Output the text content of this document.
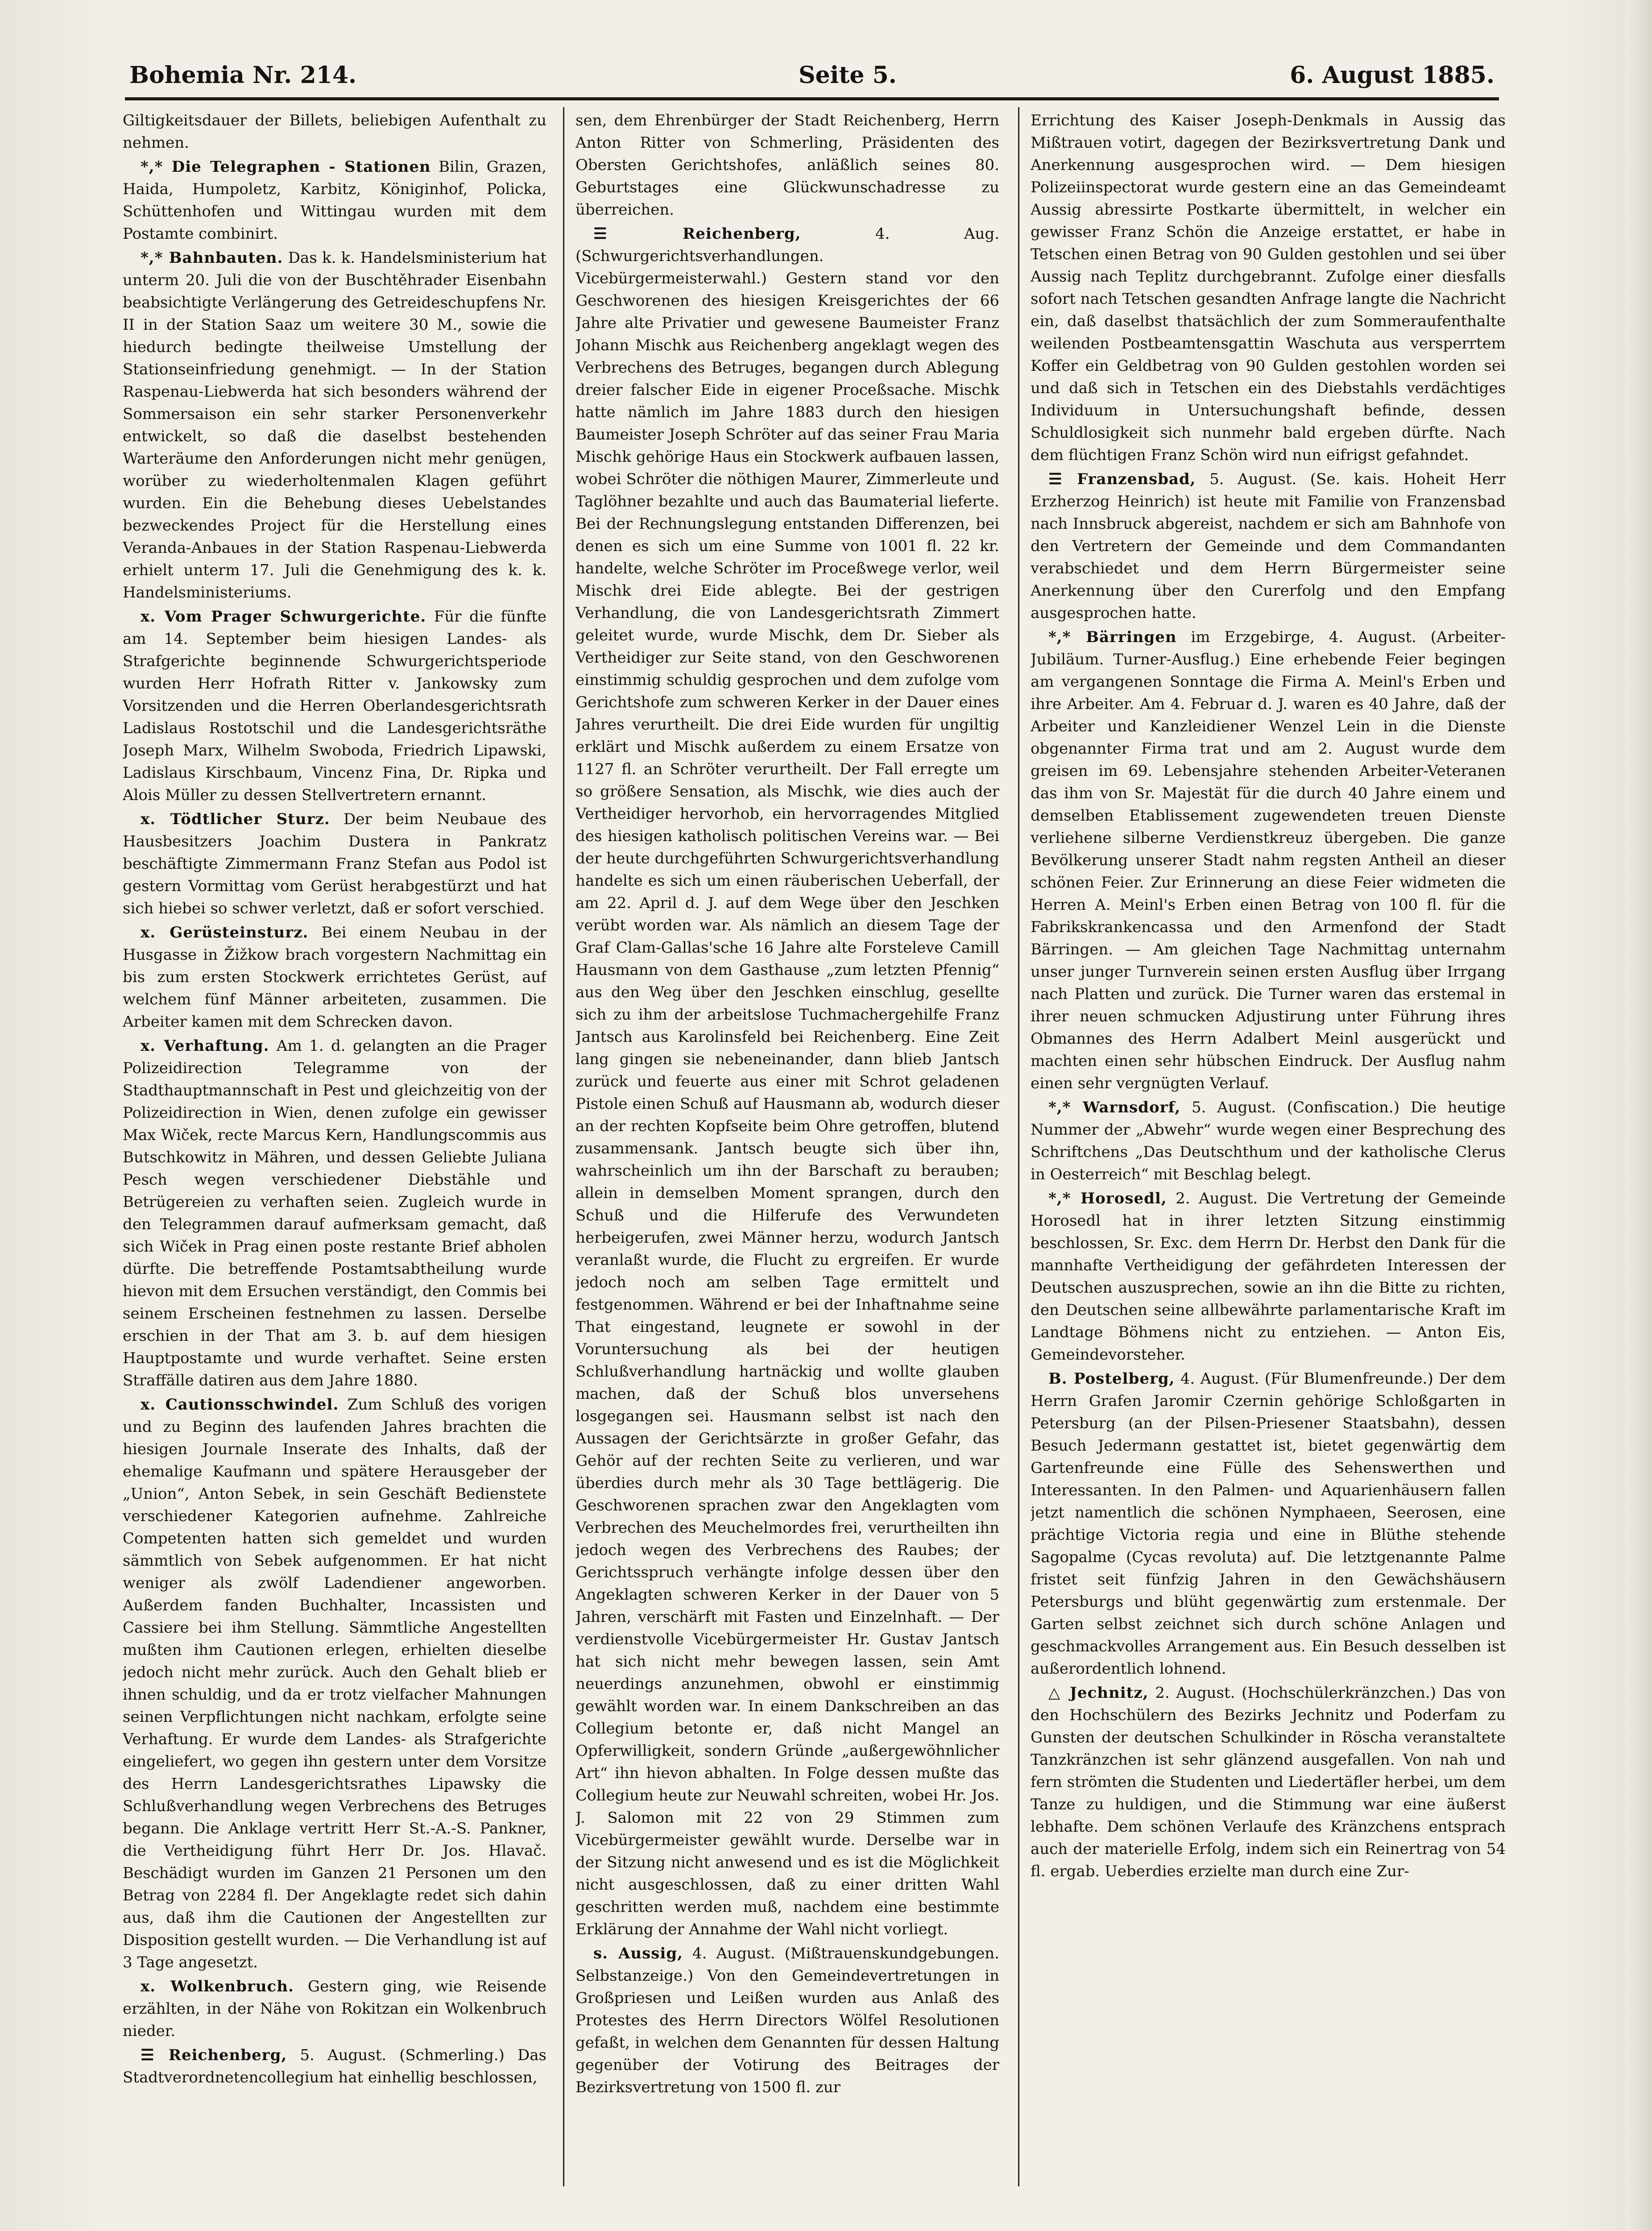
Bohemia Nr. 214.	Seite 5.	6. August 1885.

Giltigkeitsdauer der Billets, beliebigen Aufenthalt zu nehmen.

*,* Die Telegraphen - Stationen Bilin, Grazen, Haida, Humpoletz, Karbitz, Königinhof, Policka, Schüttenhofen und Wittingau wurden mit dem Postamte combinirt.

*,* Bahnbauten. Das k. k. Handelsministerium hat unterm 20. Juli die von der Buschtěhrader Eisenbahn beabsichtigte Verlängerung des Getreideschupfens Nr. II in der Station Saaz um weitere 30 M., sowie die hiedurch bedingte theilweise Umstellung der Stationseinfriedung genehmigt. — In der Station Raspenau-Liebwerda hat sich besonders während der Sommersaison ein sehr starker Personenverkehr entwickelt, so daß die daselbst bestehenden Warteräume den Anforderungen nicht mehr genügen, worüber zu wiederholtenmalen Klagen geführt wurden. Ein die Behebung dieses Uebelstandes bezweckendes Project für die Herstellung eines Veranda-Anbaues in der Station Raspenau-Liebwerda erhielt unterm 17. Juli die Genehmigung des k. k. Handelsministeriums.

x. Vom Prager Schwurgerichte. Für die fünfte am 14. September beim hiesigen Landes- als Strafgerichte beginnende Schwurgerichtsperiode wurden Herr Hofrath Ritter v. Jankowsky zum Vorsitzenden und die Herren Oberlandesgerichtsrath Ladislaus Rostotschil und die Landesgerichtsräthe Joseph Marx, Wilhelm Swoboda, Friedrich Lipawski, Ladislaus Kirschbaum, Vincenz Fina, Dr. Ripka und Alois Müller zu dessen Stellvertretern ernannt.

x. Tödtlicher Sturz. Der beim Neubaue des Hausbesitzers Joachim Dusterа in Pankratz beschäftigte Zimmermann Franz Stefan aus Podol ist gestern Vormittag vom Gerüst herabgestürzt und hat sich hiebei so schwer verletzt, daß er sofort verschied.

x. Gerüsteinsturz. Bei einem Neubau in der Husgasse in Žižkow brach vorgestern Nachmittag ein bis zum ersten Stockwerk errichtetes Gerüst, auf welchem fünf Männer arbeiteten, zusammen. Die Arbeiter kamen mit dem Schrecken davon.

x. Verhaftung. Am 1. d. gelangten an die Prager Polizeidirection Telegramme von der Stadthauptmannschaft in Pest und gleichzeitig von der Polizeidirection in Wien, denen zufolge ein gewisser Max Wiček, recte Marcus Kern, Handlungscommis aus Butschkowitz in Mähren, und dessen Geliebte Juliana Pesch wegen verschiedener Diebstähle und Betrügereien zu verhaften seien. Zugleich wurde in den Telegrammen darauf aufmerksam gemacht, daß sich Wiček in Prag einen poste restante Brief abholen dürfte. Die betreffende Postamtsabtheilung wurde hievon mit dem Ersuchen verständigt, den Commis bei seinem Erscheinen festnehmen zu lassen. Derselbe erschien in der That am 3. b. auf dem hiesigen Hauptpostamte und wurde verhaftet. Seine ersten Straffälle datiren aus dem Jahre 1880.

x. Cautionsschwindel. Zum Schluß des vorigen und zu Beginn des laufenden Jahres brachten die hiesigen Journale Inserate des Inhalts, daß der ehemalige Kaufmann und spätere Herausgeber der „Union“, Anton Sebek, in sein Geschäft Bedienstete verschiedener Kategorien aufnehme. Zahlreiche Competenten hatten sich gemeldet und wurden sämmtlich von Sebek aufgenommen. Er hat nicht weniger als zwölf Ladendiener angeworben. Außerdem fanden Buchhalter, Incassisten und Cassiere bei ihm Stellung. Sämmtliche Angestellten mußten ihm Cautionen erlegen, erhielten dieselbe jedoch nicht mehr zurück. Auch den Gehalt blieb er ihnen schuldig, und da er trotz vielfacher Mahnungen seinen Verpflichtungen nicht nachkam, erfolgte seine Verhaftung. Er wurde dem Landes- als Strafgerichte eingeliefert, wo gegen ihn gestern unter dem Vorsitze des Herrn Landesgerichtsrathes Lipawsky die Schlußverhandlung wegen Verbrechens des Betruges begann. Die Anklage vertritt Herr St.-A.-S. Pankner, die Vertheidigung führt Herr Dr. Jos. Hlavač. Beschädigt wurden im Ganzen 21 Personen um den Betrag von 2284 fl. Der Angeklagte redet sich dahin aus, daß ihm die Cautionen der Angestellten zur Disposition gestellt wurden. — Die Verhandlung ist auf 3 Tage angesetzt.

x. Wolkenbruch. Gestern ging, wie Reisende erzählten, in der Nähe von Rokitzan ein Wolkenbruch nieder.

☰ Reichenberg, 5. August. (Schmerling.) Das Stadtverordnetencollegium hat einhellig beschlossen,

sen, dem Ehrenbürger der Stadt Reichenberg, Herrn Anton Ritter von Schmerling, Präsidenten des Obersten Gerichtshofes, anläßlich seines 80. Geburtstages eine Glückwunschadresse zu überreichen.

☰ Reichenberg,	4. Aug. (Schwurgerichtsverhandlungen. Vicebürgermeisterwahl.) Gestern stand vor den Geschworenen des hiesigen Kreisgerichtes der 66 Jahre alte Privatier und gewesene Baumeister Franz Johann Mischk aus Reichenberg angeklagt wegen des Verbrechens des Betruges, begangen durch Ablegung dreier falscher Eide in eigener Procеßsache. Mischk hatte nämlich im Jahre 1883 durch den hiesigen Baumeister Joseph Schröter auf das seiner Frau Maria Mischk gehörige Haus ein Stockwerk aufbauen lassen, wobei Schröter die nöthigen Maurer, Zimmerleute und Taglöhner bezahlte und auch das Baumaterial lieferte. Bei der Rechnungslegung entstanden Differenzen, bei denen es sich um eine Summe von 1001 fl. 22 kr. handelte, welche Schröter im Proceßwege verlor, weil Mischk drei Eide ablegte. Bei der gestrigen Verhandlung, die von Landesgerichtsrath Zimmert geleitet wurde, wurde Mischk, dem Dr. Sieber als Vertheidiger zur Seite stand, von den Geschworenen einstimmig schuldig gesprochen und dem zufolge vom Gerichtshofe zum schweren Kerker in der Dauer eines Jahres verurtheilt. Die drei Eide wurden für ungiltig erklärt und Mischk außerdem zu einem Ersatze von 1127 fl. an Schröter verurtheilt. Der Fall erregte um so größere Sensation, als Mischk, wie dies auch der Vertheidiger hervorhob, ein hervorragendes Mitglied des hiesigen katholisch politischen Vereins war. — Bei der heute durchgeführten Schwurgerichtsverhandlung handelte es sich um einen räuberischen Ueberfall, der am 22. April d. J. auf dem Wege über den Jeschken verübt worden war. Als nämlich an diesem Tage der Graf Clam-Gallas'sche 16 Jahre alte Forsteleve Camill Hausmann von dem Gasthause „zum letzten Pfennig“ aus den Weg über den Jeschken einschlug, gesellte sich zu ihm der arbeitslose Tuchmachergehilfe Franz Jantsch aus Karolinsfeld bei Reichenberg. Eine Zeit lang gingen sie nebeneinander, dann blieb Jantsch zurück und feuerte aus einer mit Schrot geladenen Pistole einen Schuß auf Hausmann ab, wodurch dieser an der rechten Kopfseite beim Ohre getroffen, blutend zusammensank. Jantsch beugte sich über ihn, wahrscheinlich um ihn der Barschaft zu berauben; allein in demselben Moment sprangen, durch den Schuß und die Hilferufe des Verwundeten herbeigerufen, zwei Männer herzu, wodurch Jantsch veranlaßt wurde, die Flucht zu ergreifen. Er wurde jedoch noch am selben Tage ermittelt und festgenommen. Während er bei der Inhaftnahme seine That eingestand, leugnete er sowohl in der Voruntersuchung als bei der heutigen Schlußverhandlung hartnäckig und wollte glauben machen, daß der Schuß blos unversehens losgegangen sei. Hausmann selbst ist nach den Aussagen der Gerichtsärzte in großer Gefahr, das Gehör auf der rechten Seite zu verlieren, und war überdies durch mehr als 30 Tage bettlägerig. Die Geschworenen sprachen zwar den Angeklagten vom Verbrechen des Meuchelmordes frei, verurtheilten ihn jedoch wegen des Verbrechens des Raubes; der Gerichtsspruch verhängte infolge dessen über den Angeklagten schweren Kerker in der Dauer von 5 Jahren, verschärft mit Fasten und Einzelnhaft. — Der verdienstvolle Vicebürgermeister Hr. Gustav Jantsch hat sich nicht mehr bewegen lassen, sein Amt neuerdings anzunehmen, obwohl er einstimmig gewählt worden war. In einem Dankschreiben an das Collegium betonte er, daß nicht Mangel an Opferwilligkeit, sondern Gründe „außergewöhnlicher Art“ ihn hievon abhalten. In Folge dessen mußte das Collegium heute zur Neuwahl schreiten, wobei Hr. Jos. J. Salomon mit 22 von 29 Stimmen zum Vicebürgermeister gewählt wurde. Derselbe war in der Sitzung nicht anwesend und es ist die Möglichkeit nicht ausgeschlossen, daß zu einer dritten Wahl geschritten werden muß, nachdem eine bestimmte Erklärung der Annahme der Wahl nicht vorliegt.

s. Aussig, 4. August. (Mißtrauenskundgebungen. Selbstanzeige.) Von den Gemeindevertretungen in Großpriesen und Leißen wurden aus Anlaß des Protestes des Herrn Directors Wölfel Resolutionen gefaßt, in welchen dem Genannten für dessen Haltung gegenüber der Votirung des Beitrages der Bezirksvertretung von 1500 fl. zur

Errichtung des Kaiser Joseph-Denkmals in Aussig das Mißtrauen votirt, dagegen der Bezirksvertretung Dank und Anerkennung ausgesprochen wird. — Dem hiesigen Polizeiinspectorat wurde gestern eine an das Gemeindeamt Aussig abressirte Postkarte übermittelt, in welcher ein gewisser Franz Schön die Anzeige erstattet, er habe in Tetschen einen Betrag von 90 Gulden gestohlen und sei über Aussig nach Teplitz durchgebrannt. Zufolge einer diesfalls sofort nach Tetschen gesandten Anfrage langte die Nachricht ein, daß daselbst thatsächlich der zum Sommeraufenthalte weilenden Postbeamtensgattin Waschuta aus versperrtem Koffer ein Geldbetrag von 90 Gulden gestohlen worden sei und daß sich in Tetschen ein des Diebstahls verdächtiges Individuum in Untersuchungshaft befinde, dessen Schuldlosigkeit sich nunmehr bald ergeben dürfte. Nach dem flüchtigen Franz Schön wird nun eifrigst gefahndet.

☰ Franzensbad, 5. August. (Se. kais. Hoheit Herr Erzherzog Heinrich) ist heute mit Familie von Franzensbad nach Innsbruck abgereist, nachdem er sich am Bahnhofe von den Vertretern der Gemeinde und dem Commandanten verabschiedet und dem Herrn Bürgermeister seine Anerkennung über den Curerfolg und den Empfang ausgesprochen hatte.

*,* Bärringen im Erzgebirge, 4. August. (Arbeiter-Jubiläum. Turner-Ausflug.) Eine erhebende Feier begingen am vergangenen Sonntage die Firma A. Meinl's Erben und ihre Arbeiter. Am 4. Februar d. J. waren es 40 Jahre, daß der Arbeiter und Kanzleidiener Wenzel Lein in die Dienste obgenannter Firma trat und am 2. August wurde dem greisen im 69. Lebensjahre stehenden Arbeiter-Veteranen das ihm von Sr. Majestät für die durch 40 Jahre einem und demselben Etablissement zugewendeten treuen Dienste verliehene silberne Verdienstkreuz übergeben. Die ganze Bevölkerung unserer Stadt nahm regsten Antheil an dieser schönen Feier. Zur Erinnerung an diese Feier widmeten die Herren A. Meinl's Erben einen Betrag von 100 fl. für die Fabrikskrankencassa und den Armenfond der Stadt Bärringen. — Am gleichen Tage Nachmittag unternahm unser junger Turnverein seinen ersten Ausflug über Irrgang nach Platten und zurück. Die Turner waren das erstemal in ihrer neuen schmucken Adjustirung unter Führung ihres Obmannes des Herrn Adalbert Meinl ausgerückt und machten einen sehr hübschen Eindruck. Der Ausflug nahm einen sehr vergnügten Verlauf.

*,* Warnsdorf, 5. August. (Confiscation.) Die heutige Nummer der „Abwehr“ wurde wegen einer Besprechung des Schriftchens „Das Deutschthum und der katholische Clerus in Oesterreich“ mit Beschlag belegt.

*,* Horosedl, 2. August. Die Vertretung der Gemeinde Horosedl hat in ihrer letzten Sitzung einstimmig beschlossen, Sr. Exc. dem Herrn Dr. Herbst den Dank für die mannhafte Vertheidigung der gefährdeten Interessen der Deutschen auszusprechen, sowie an ihn die Bitte zu richten, den Deutschen seine allbewährte parlamentarische Kraft im Landtage Böhmens nicht zu entziehen. — Anton Eis, Gemeindevorsteher.

B. Postelberg, 4. August. (Für Blumenfreunde.) Der dem Herrn Grafen Jaromir Czernin gehörige Schloßgarten in Petersburg (an der Pilsen-Priesener Staatsbahn), dessen Besuch Jedermann gestattet ist, bietet gegenwärtig dem Gartenfreunde eine Fülle des Sehenswerthen und Interessanten. In den Palmen- und Aquarienhäusern fallen jetzt namentlich die schönen Nymphaeen, Seerosen, eine prächtige Victoria regia und eine in Blüthe stehende Sagopalme (Cycas revoluta) auf. Die letztgenannte Palme fristet seit fünfzig Jahren in den Gewächshäusern Petersburgs und blüht gegenwärtig zum erstenmale. Der Garten selbst zeichnet sich durch schöne Anlagen und geschmackvolles Arrangement aus. Ein Besuch desselben ist außerordentlich lohnend.

△ Jechnitz, 2. August. (Hochschülerkränzchen.) Das von den Hochschülern des Bezirks Jechnitz und Poderfam zu Gunsten der deutschen Schulkinder in Röscha veranstaltete Tanzkränzchen ist sehr glänzend ausgefallen. Von nah und fern strömten die Studenten und Liedertäfler herbei, um dem Tanze zu huldigen, und die Stimmung war eine äußerst lebhafte. Dem schönen Verlaufe des Kränzchens entsprach auch der materielle Erfolg, indem sich ein Reinertrag von 54 fl. ergab. Ueberdies erzielte man durch eine Zur-
